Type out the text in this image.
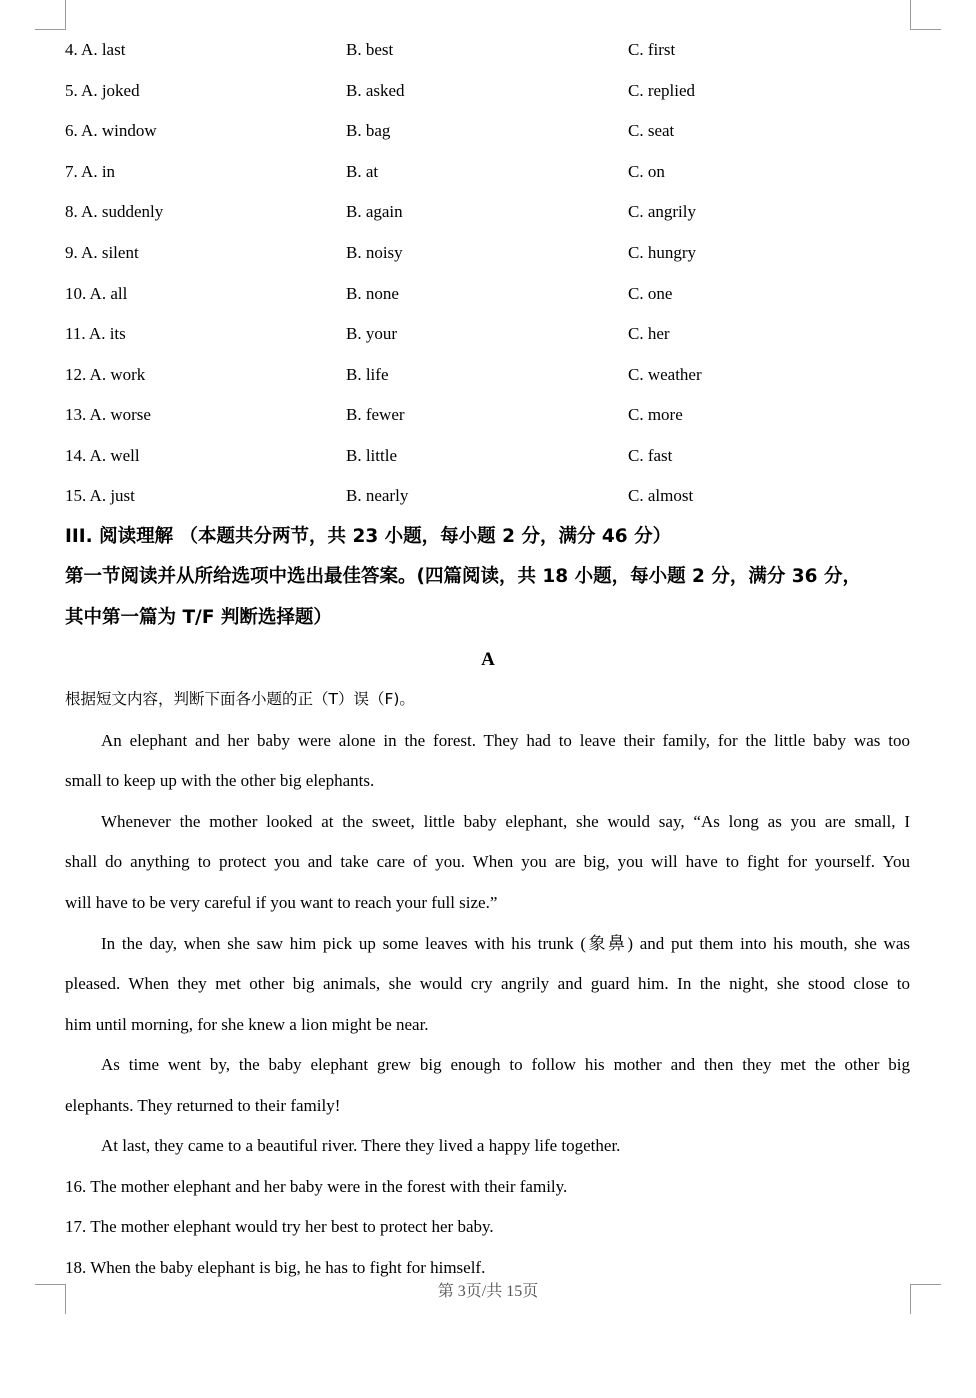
4. A. last	B. best	C. first
5. A. joked	B. asked	C. replied
6. A. window	B. bag	C. seat
7. A. in	B. at	C. on
8. A. suddenly	B. again	C. angrily
9. A. silent	B. noisy	C. hungry
10. A. all	B. none	C. one
11. A. its	B. your	C. her
12. A. work	B. life	C. weather
13. A. worse	B. fewer	C. more
14. A. well	B. little	C. fast
15. A. just	B. nearly	C. almost
III. 阅读理解 （本题共分两节，共 23 小题，每小题 2 分，满分 46 分）
第一节阅读并从所给选项中选出最佳答案。(四篇阅读，共 18 小题，每小题 2 分，满分 36 分，
其中第一篇为 T/F 判断选择题）
A
根据短文内容，判断下面各小题的正（T）误（F)。
An elephant and her baby were alone in the forest. They had to leave their family, for the little baby was too
small to keep up with the other big elephants.
Whenever the mother looked at the sweet, little baby elephant, she would say, “As long as you are small, I
shall do anything to protect you and take care of you. When you are big, you will have to fight for yourself. You
will have to be very careful if you want to reach your full size.”
In the day, when she saw him pick up some leaves with his trunk (象鼻) and put them into his mouth, she was
pleased. When they met other big animals, she would cry angrily and guard him. In the night, she stood close to
him until morning, for she knew a lion might be near.
As time went by, the baby elephant grew big enough to follow his mother and then they met the other big
elephants. They returned to their family!
At last, they came to a beautiful river. There they lived a happy life together.
16. The mother elephant and her baby were in the forest with their family.
17. The mother elephant would try her best to protect her baby.
18. When the baby elephant is big, he has to fight for himself.
第 3页/共 15页
